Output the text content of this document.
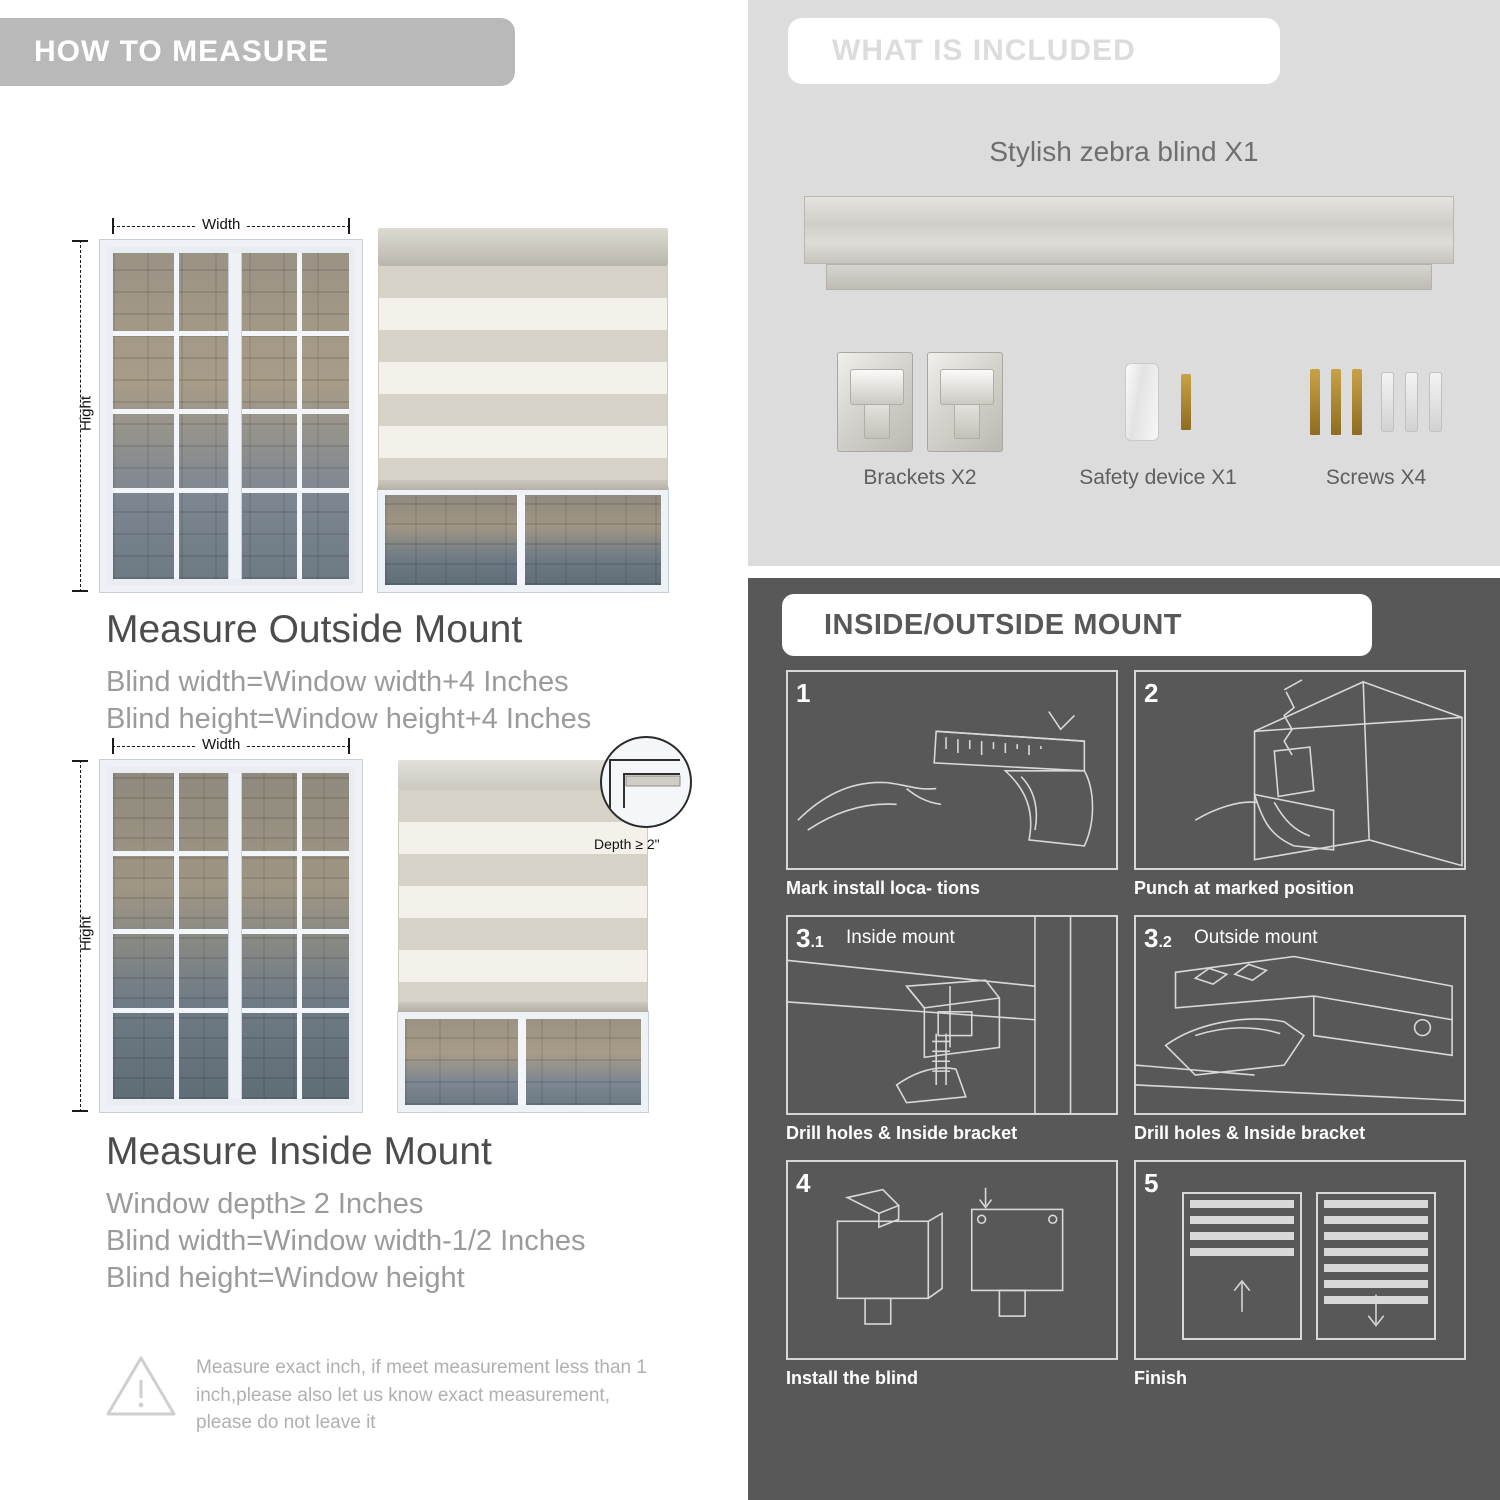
HOW TO MEASURE
Width
Hight
Measure Outside Mount

Blind width=Window width+4 Inches

Blind height=Window height+4 Inches

Width
Hight
Depth ≥ 2"
Measure Inside Mount

Window depth≥ 2 Inches

Blind width=Window width-1/2 Inches

Blind height=Window height

Measure exact inch, if meet measurement less than 1 inch,please also let us know exact measurement, please do not leave it
WHAT IS INCLUDED
Stylish zebra blind X1
Brackets X2	Safety device X1	Screws X4
INSIDE/OUTSIDE MOUNT
1
Mark install loca- tions
2
Punch at marked position
3.1 Inside mount
Drill holes & Inside bracket
3.2 Outside mount
Drill holes & Inside bracket
4
Install the blind
5
Finish
